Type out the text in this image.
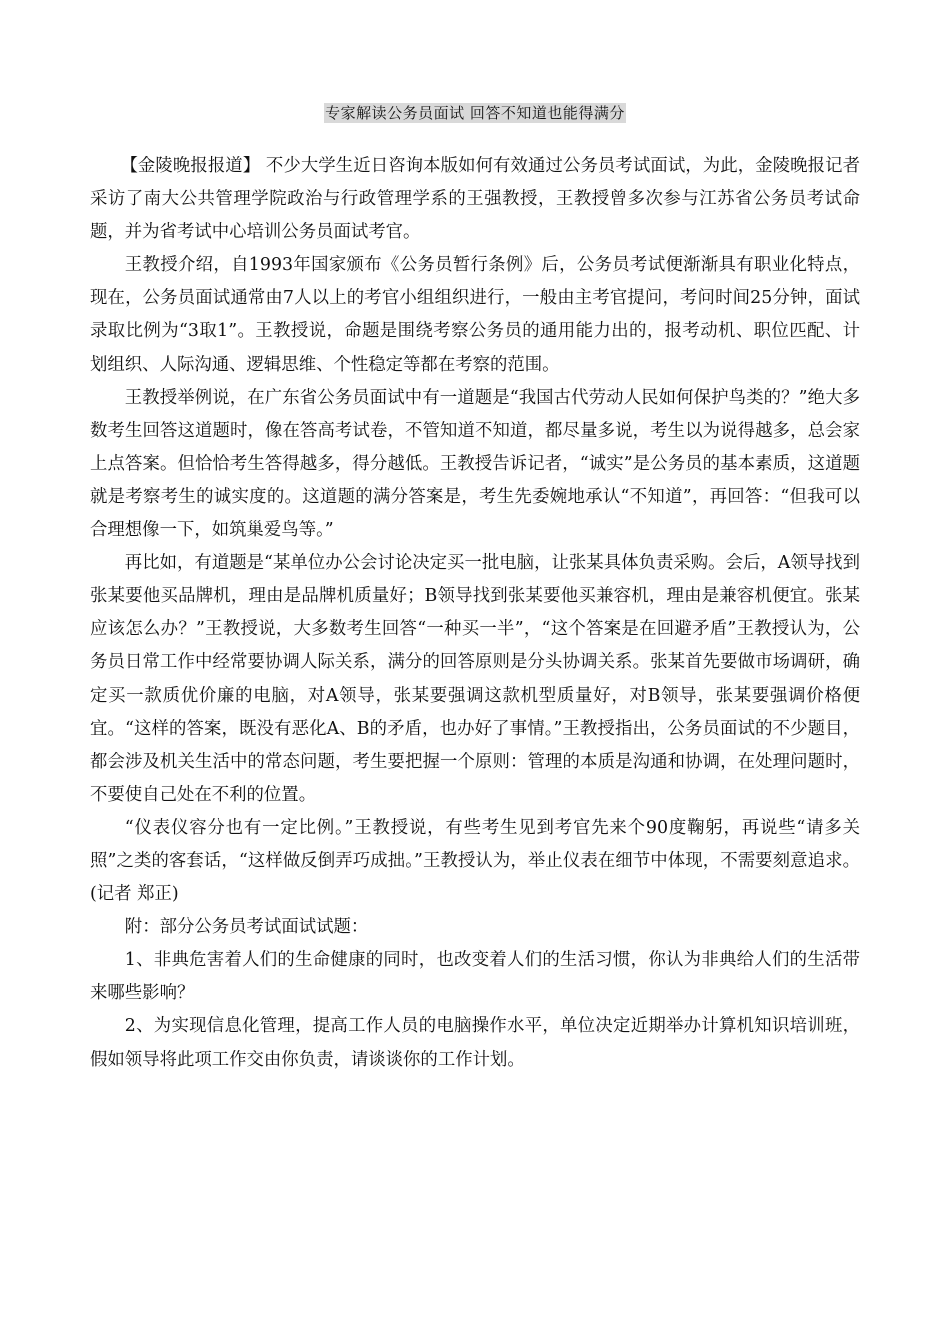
专家解读公务员面试 回答不知道也能得满分

【金陵晚报报道】 不少大学生近日咨询本版如何有效通过公务员考试面试，为此，金陵晚报记者采访了南大公共管理学院政治与行政管理学系的王强教授，王教授曾多次参与江苏省公务员考试命题，并为省考试中心培训公务员面试考官。

王教授介绍，自1993年国家颁布《公务员暂行条例》后，公务员考试便渐渐具有职业化特点，现在，公务员面试通常由7人以上的考官小组组织进行，一般由主考官提问，考问时间25分钟，面试录取比例为“3取1”。王教授说，命题是围绕考察公务员的通用能力出的，报考动机、职位匹配、计划组织、人际沟通、逻辑思维、个性稳定等都在考察的范围。

王教授举例说，在广东省公务员面试中有一道题是“我国古代劳动人民如何保护鸟类的？”绝大多数考生回答这道题时，像在答高考试卷，不管知道不知道，都尽量多说，考生以为说得越多，总会家上点答案。但恰恰考生答得越多，得分越低。王教授告诉记者，“诚实”是公务员的基本素质，这道题就是考察考生的诚实度的。这道题的满分答案是，考生先委婉地承认“不知道”，再回答：“但我可以合理想像一下，如筑巢爱鸟等。”

再比如，有道题是“某单位办公会讨论决定买一批电脑，让张某具体负责采购。会后，A领导找到张某要他买品牌机，理由是品牌机质量好；B领导找到张某要他买兼容机，理由是兼容机便宜。张某应该怎么办？”王教授说，大多数考生回答“一种买一半”，“这个答案是在回避矛盾”王教授认为，公务员日常工作中经常要协调人际关系，满分的回答原则是分头协调关系。张某首先要做市场调研，确定买一款质优价廉的电脑，对A领导，张某要强调这款机型质量好，对B领导，张某要强调价格便宜。“这样的答案，既没有恶化A、B的矛盾，也办好了事情。”王教授指出，公务员面试的不少题目，都会涉及机关生活中的常态问题，考生要把握一个原则：管理的本质是沟通和协调，在处理问题时，不要使自己处在不利的位置。

“仪表仪容分也有一定比例。”王教授说，有些考生见到考官先来个90度鞠躬，再说些“请多关照”之类的客套话，“这样做反倒弄巧成拙。”王教授认为，举止仪表在细节中体现，不需要刻意追求。(记者 郑正)

附：部分公务员考试面试试题：

1、非典危害着人们的生命健康的同时，也改变着人们的生活习惯，你认为非典给人们的生活带来哪些影响？

2、为实现信息化管理，提高工作人员的电脑操作水平，单位决定近期举办计算机知识培训班，假如领导将此项工作交由你负责，请谈谈你的工作计划。
